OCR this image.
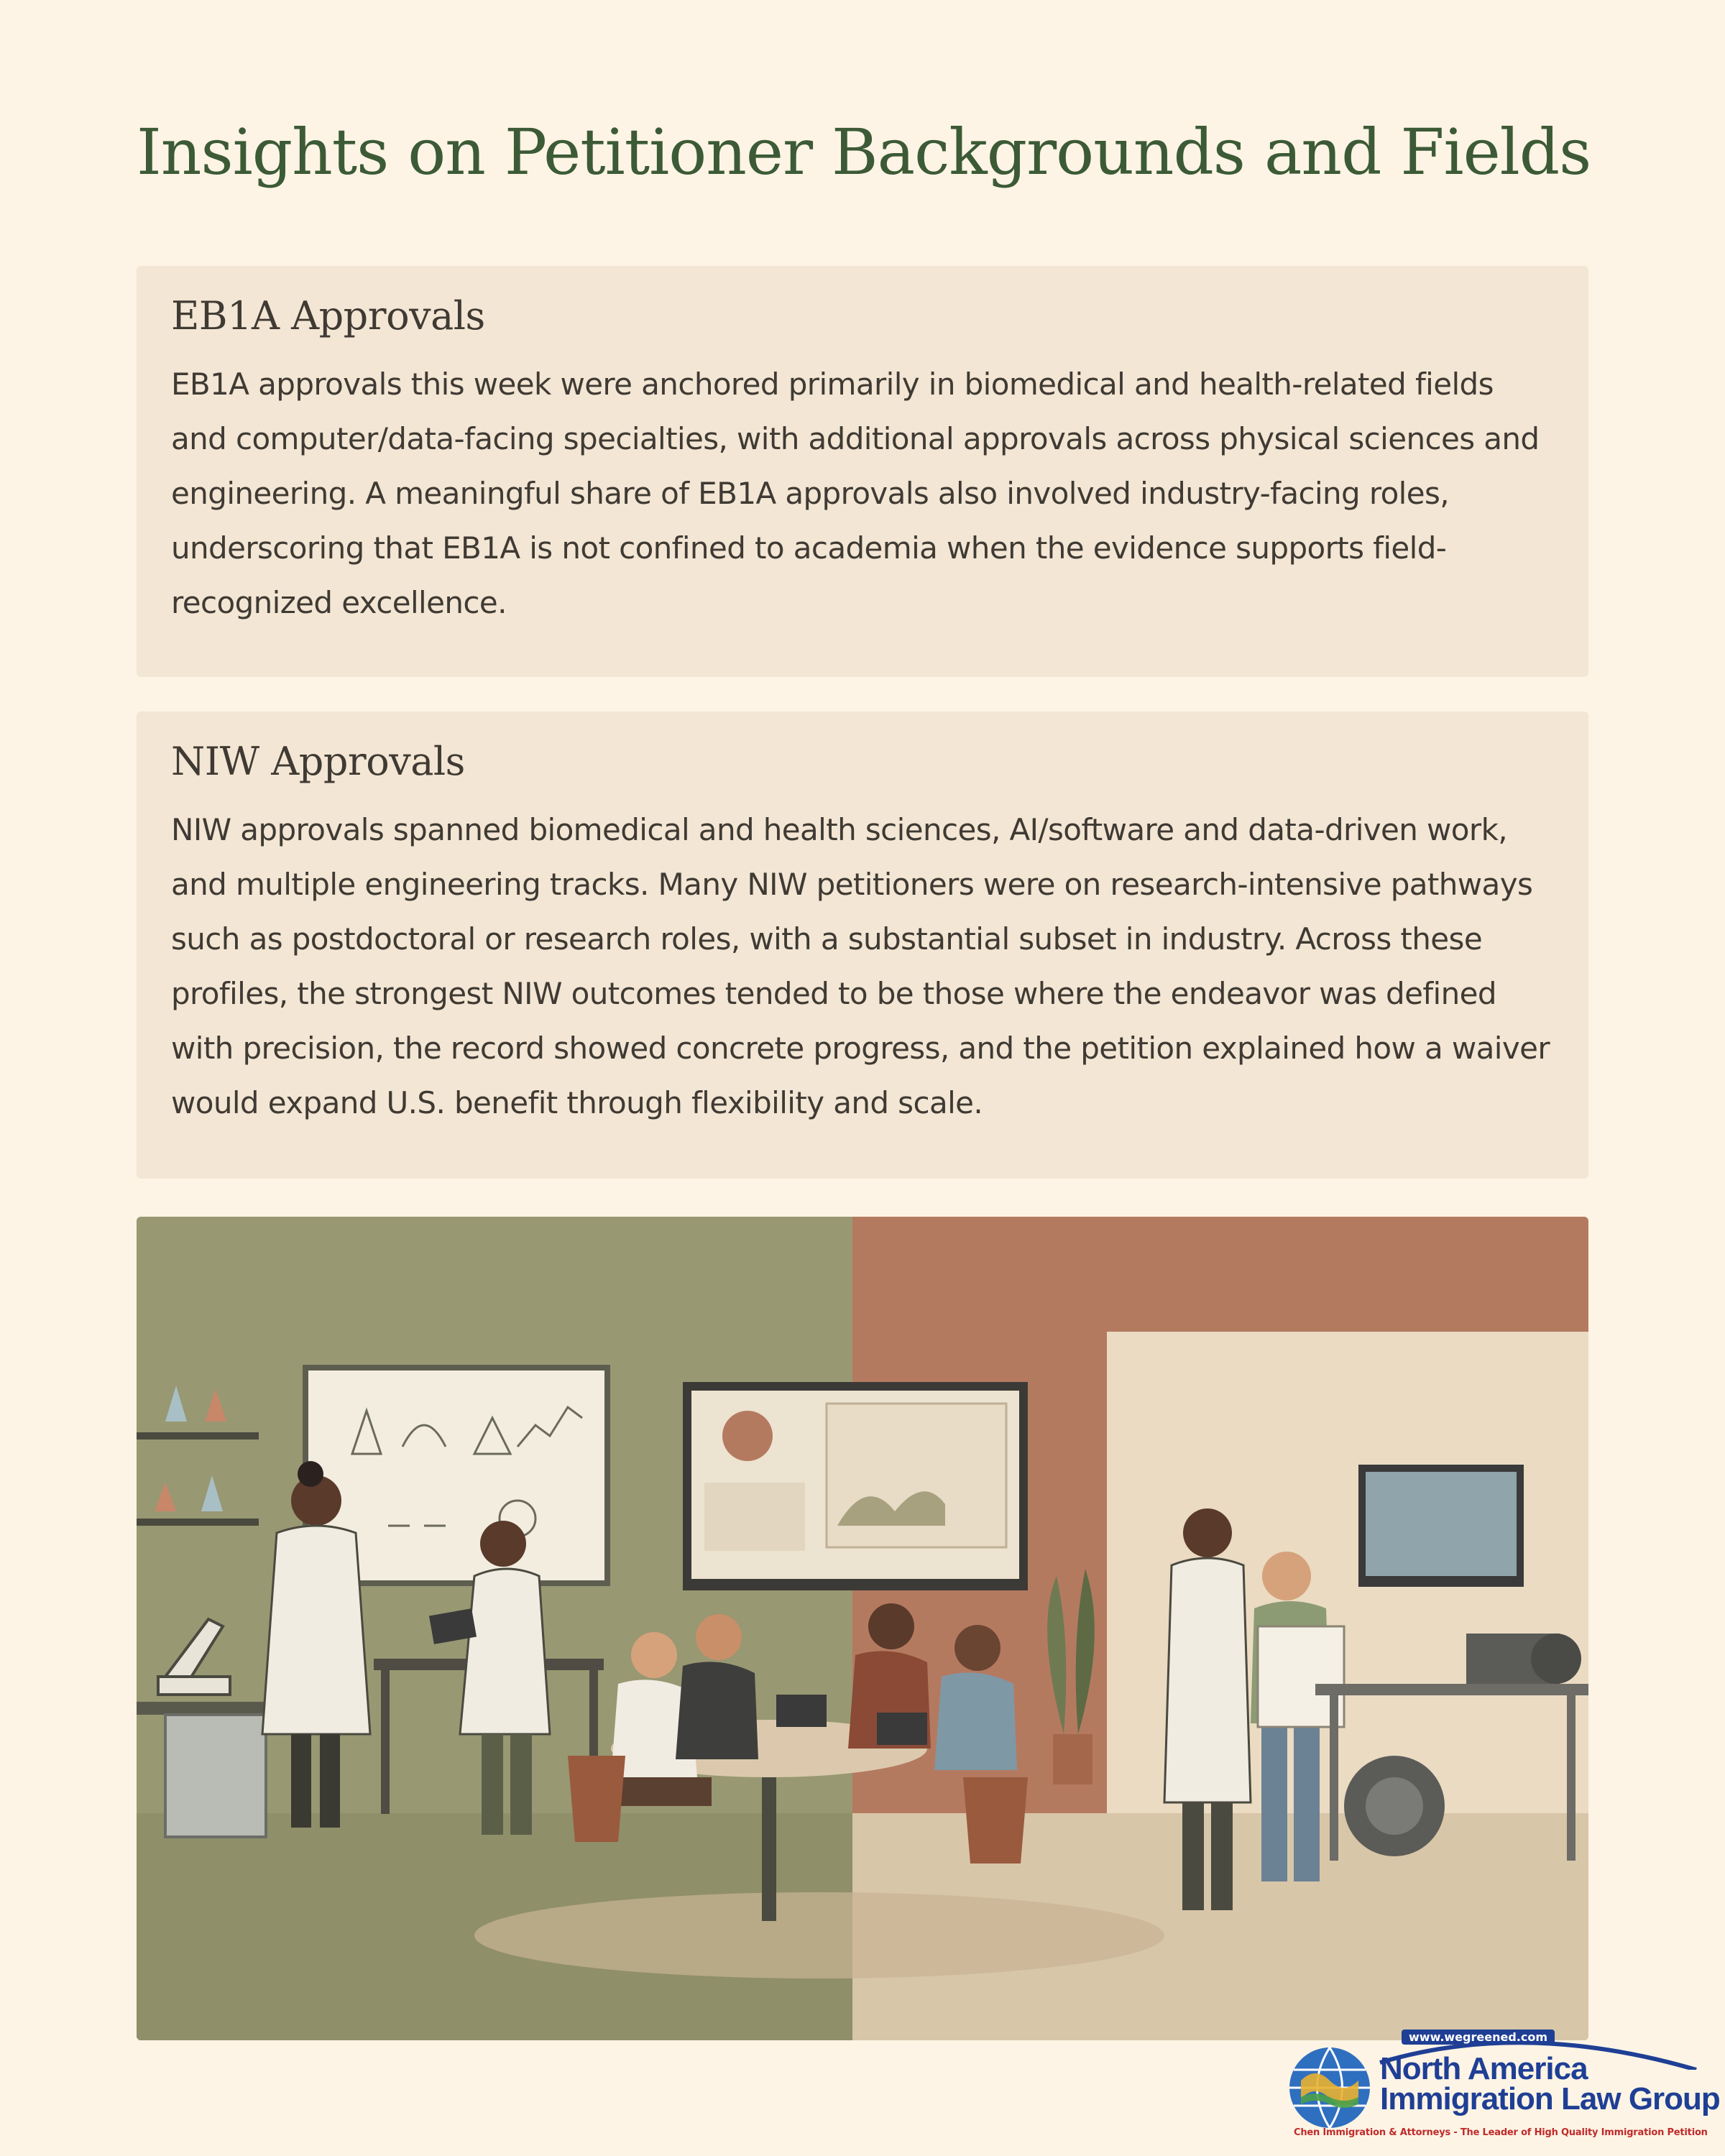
Insights on Petitioner Backgrounds and Fields
EB1A Approvals

EB1A approvals this week were anchored primarily in biomedical and health-related fields and computer/data-facing specialties, with additional approvals across physical sciences and engineering. A meaningful share of EB1A approvals also involved industry-facing roles, underscoring that EB1A is not confined to academia when the evidence supports field-recognized excellence.

NIW Approvals

NIW approvals spanned biomedical and health sciences, AI/software and data-driven work, and multiple engineering tracks. Many NIW petitioners were on research-intensive pathways such as postdoctoral or research roles, with a substantial subset in industry. Across these profiles, the strongest NIW outcomes tended to be those where the endeavor was defined with precision, the record showed concrete progress, and the petition explained how a waiver would expand U.S. benefit through flexibility and scale.

www.wegreened.com
North America
Immigration Law Group
Chen Immigration & Attorneys - The Leader of High Quality Immigration Petition
